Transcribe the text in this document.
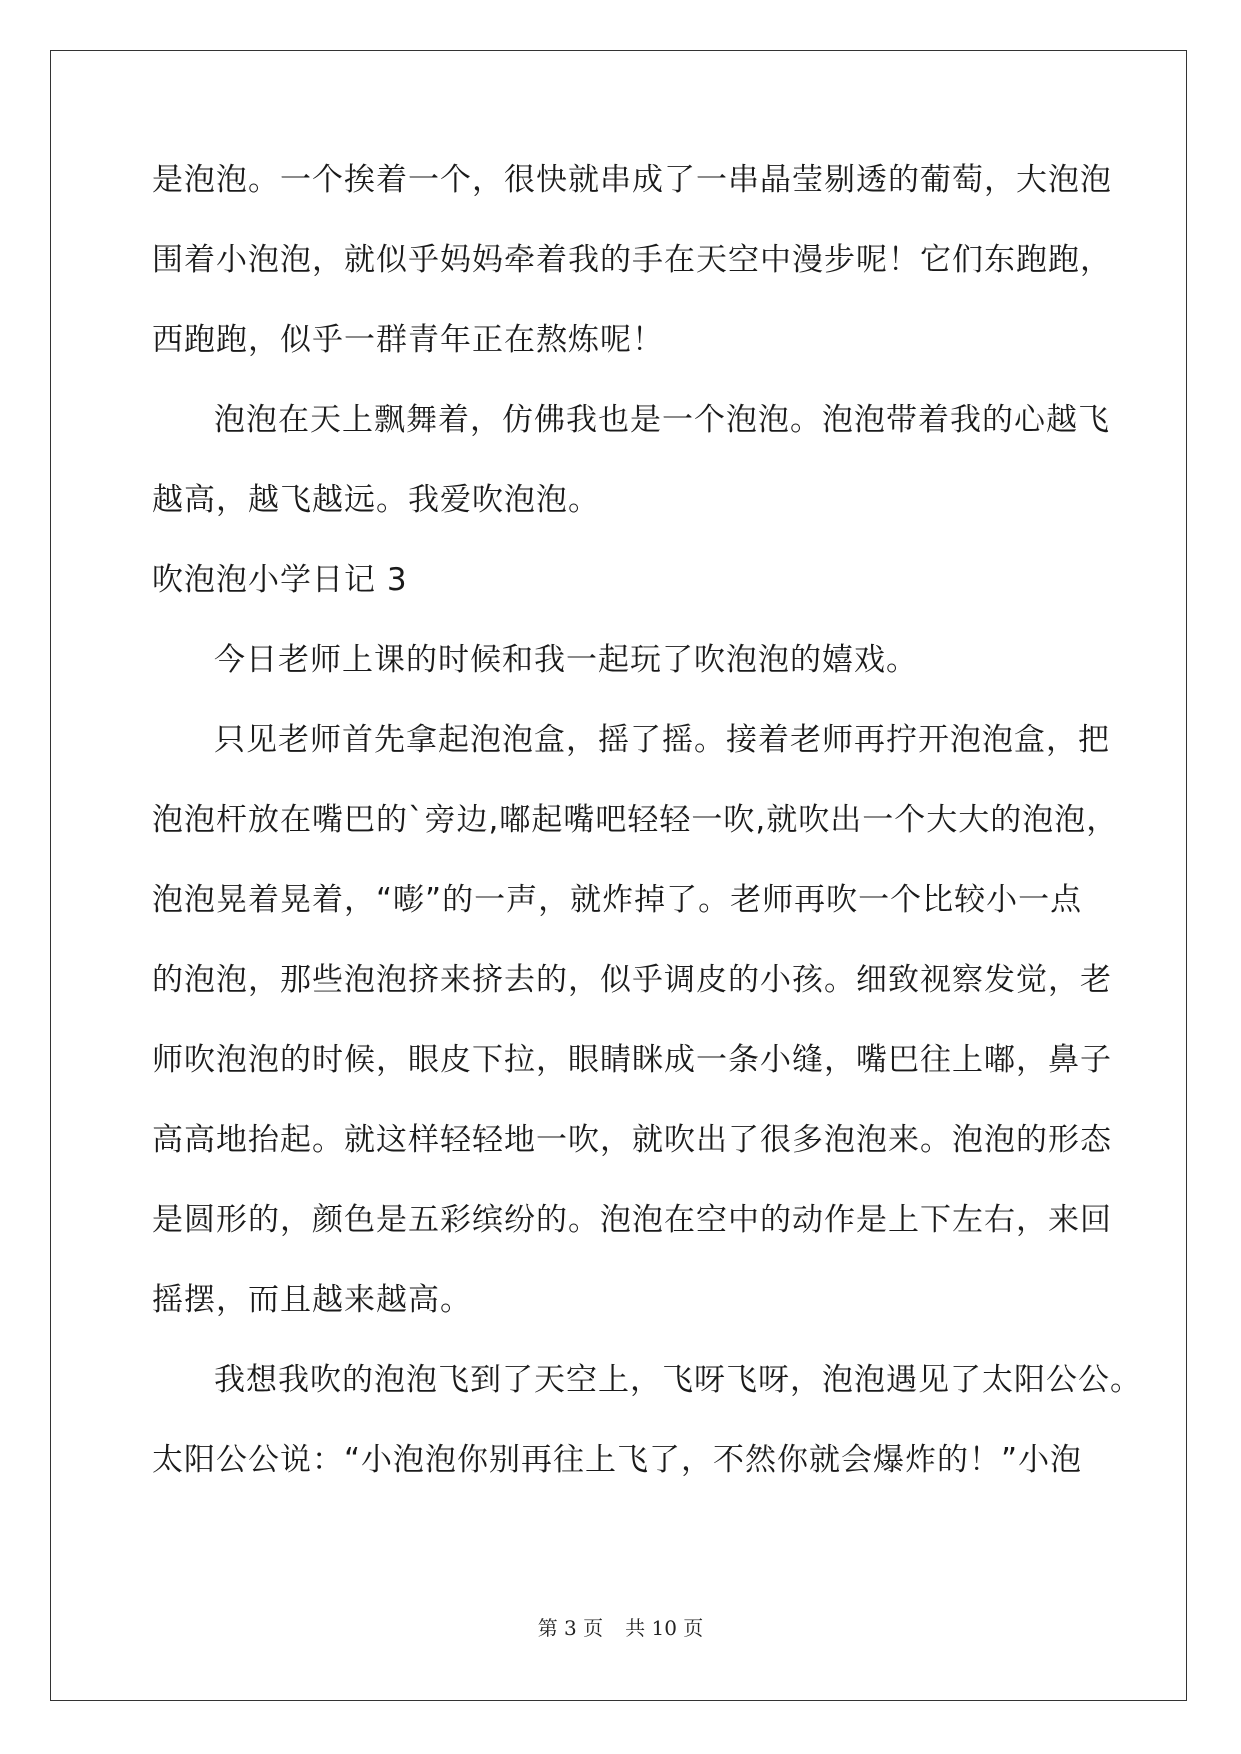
是泡泡。一个挨着一个，很快就串成了一串晶莹剔透的葡萄，大泡泡
围着小泡泡，就似乎妈妈牵着我的手在天空中漫步呢！它们东跑跑，
西跑跑，似乎一群青年正在熬炼呢！
泡泡在天上飘舞着，仿佛我也是一个泡泡。泡泡带着我的心越飞
越高，越飞越远。我爱吹泡泡。
吹泡泡小学日记 3
今日老师上课的时候和我一起玩了吹泡泡的嬉戏。
只见老师首先拿起泡泡盒，摇了摇。接着老师再拧开泡泡盒，把
泡泡杆放在嘴巴的`旁边,嘟起嘴吧轻轻一吹,就吹出一个大大的泡泡，
泡泡晃着晃着，“嘭”的一声，就炸掉了。老师再吹一个比较小一点
的泡泡，那些泡泡挤来挤去的，似乎调皮的小孩。细致视察发觉，老
师吹泡泡的时候，眼皮下拉，眼睛眯成一条小缝，嘴巴往上嘟，鼻子
高高地抬起。就这样轻轻地一吹，就吹出了很多泡泡来。泡泡的形态
是圆形的，颜色是五彩缤纷的。泡泡在空中的动作是上下左右，来回
摇摆，而且越来越高。
我想我吹的泡泡飞到了天空上，飞呀飞呀，泡泡遇见了太阳公公。
太阳公公说：“小泡泡你别再往上飞了，不然你就会爆炸的！”小泡
第 3 页 共 10 页
